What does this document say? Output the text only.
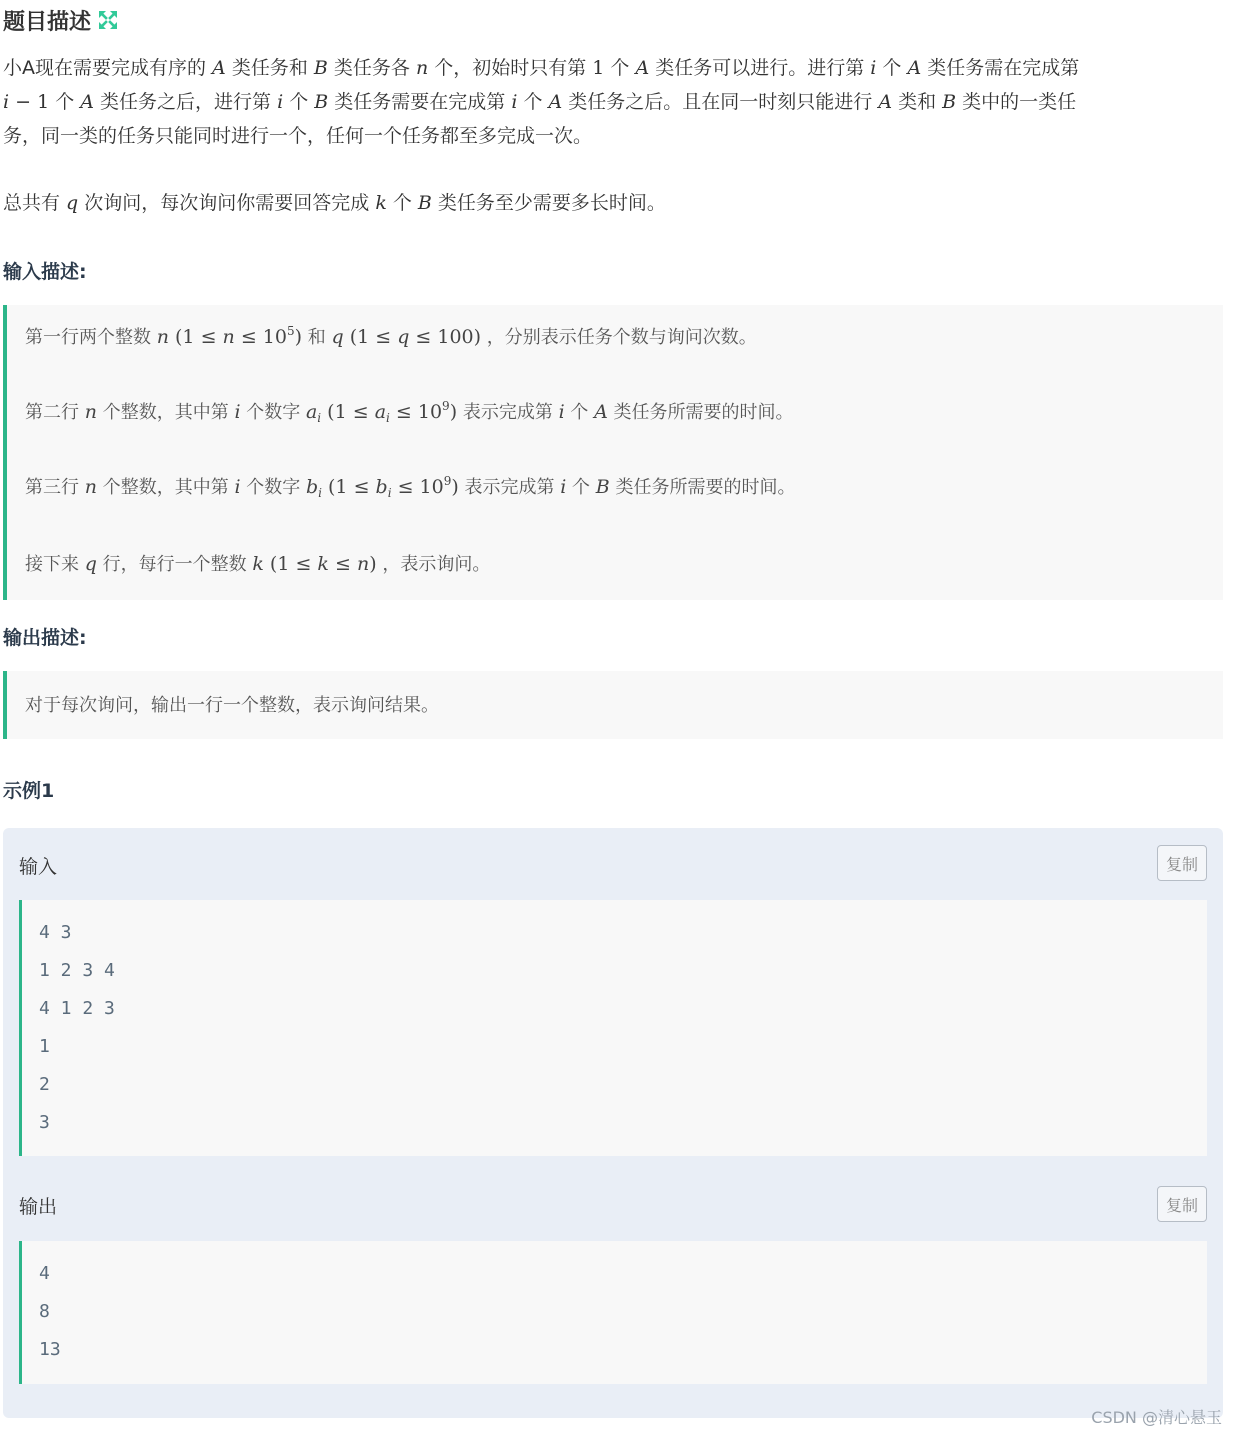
题目描述
小A现在需要完成有序的 A 类任务和 B 类任务各 n 个，初始时只有第 1 个 A 类任务可以进行。进行第 i 个 A 类任务需在完成第
i − 1 个 A 类任务之后，进行第 i 个 B 类任务需要在完成第 i 个 A 类任务之后。且在同一时刻只能进行 A 类和 B 类中的一类任
务，同一类的任务只能同时进行一个，任何一个任务都至多完成一次。
总共有 q 次询问，每次询问你需要回答完成 k 个 B 类任务至少需要多长时间。
输入描述:
第一行两个整数 n $(1 \le n \le 10^5)$ 和 q (1 ≤ q ≤ 100) ，分别表示任务个数与询问次数。
第二行 n 个整数，其中第 i 个数字 $a_i$ $(1 \le a_i \le 10^9)$ 表示完成第 i 个 A 类任务所需要的时间。
第三行 n 个整数，其中第 i 个数字 $b_i$ $(1 \le b_i \le 10^9)$ 表示完成第 i 个 B 类任务所需要的时间。
接下来 q 行，每行一个整数 k (1 ≤ k ≤ n) ，表示询问。
输出描述:
对于每次询问，输出一行一个整数，表示询问结果。
示例1
输入	复制
4 3
1 2 3 4
4 1 2 3
1
2
3
输出	复制
4
8
13
CSDN @清心悬玉
